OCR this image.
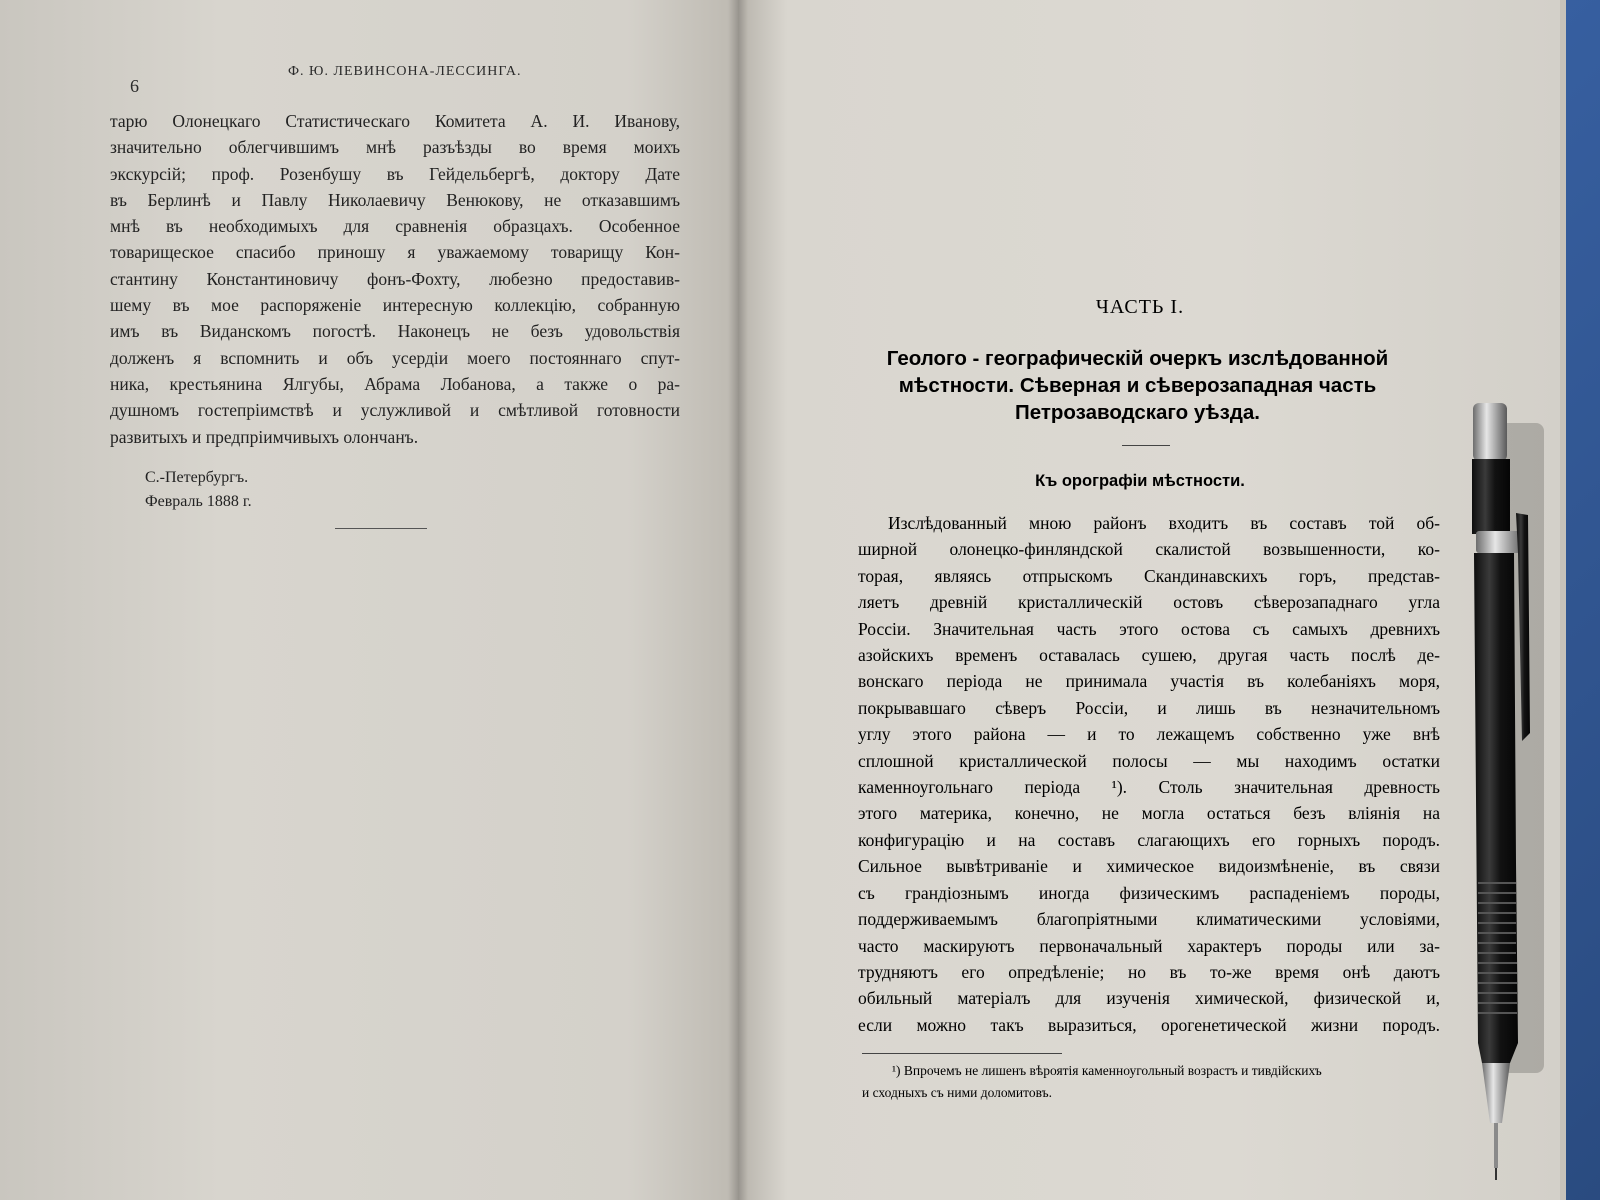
6
Ф. Ю. ЛЕВИНСОНА-ЛЕССИНГА.
тарю Олонецкаго Статистическаго Комитета А. И. Иванову,
значительно облегчившимъ мнѣ разъѣзды во время моихъ
экскурсій; проф. Розенбушу въ Гейдельбергѣ, доктору Дате
въ Берлинѣ и Павлу Николаевичу Венюкову, не отказавшимъ
мнѣ въ необходимыхъ для сравненія образцахъ. Особенное
товарищеское спасибо приношу я уважаемому товарищу Кон-
стантину Константиновичу фонъ-Фохту, любезно предоставив-
шему въ мое распоряженіе интересную коллекцію, собранную
имъ въ Виданскомъ погостѣ. Наконецъ не безъ удовольствія
долженъ я вспомнить и объ усердіи моего постояннаго спут-
ника, крестьянина Ялгубы, Абрама Лобанова, а также о ра-
душномъ гостепріимствѣ и услужливой и смѣтливой готовности
развитыхъ и предпріимчивыхъ олончанъ.
С.-Петербургъ.
Февраль 1888 г.
ЧАСТЬ I.
Геолого - географическій очеркъ изслѣдованной
мѣстности. Сѣверная и сѣверозападная часть
Петрозаводскаго уѣзда.
Къ орографіи мѣстности.
Изслѣдованный мною районъ входитъ въ составъ той об-
ширной олонецко-финляндской скалистой возвышенности, ко-
торая, являясь отпрыскомъ Скандинавскихъ горъ, представ-
ляетъ древній кристаллическій остовъ сѣверозападнаго угла
Россіи. Значительная часть этого остова съ самыхъ древнихъ
азойскихъ временъ оставалась сушею, другая часть послѣ де-
вонскаго періода не принимала участія въ колебаніяхъ моря,
покрывавшаго сѣверъ Россіи, и лишь въ незначительномъ
углу этого района — и то лежащемъ собственно уже внѣ
сплошной кристаллической полосы — мы находимъ остатки
каменноугольнаго періода ¹). Столь значительная древность
этого материка, конечно, не могла остаться безъ вліянія на
конфигурацію и на составъ слагающихъ его горныхъ породъ.
Сильное вывѣтриваніе и химическое видоизмѣненіе, въ связи
съ грандіознымъ иногда физическимъ распаденіемъ породы,
поддерживаемымъ благопріятными климатическими условіями,
часто маскируютъ первоначальный характеръ породы или за-
трудняютъ его опредѣленіе; но въ то-же время онѣ даютъ
обильный матеріалъ для изученія химической, физической и,
если можно такъ выразиться, орогенетической жизни породъ.
¹) Впрочемъ не лишенъ вѣроятія каменноугольный возрастъ и тивдійскихъ
и сходныхъ съ ними доломитовъ.
